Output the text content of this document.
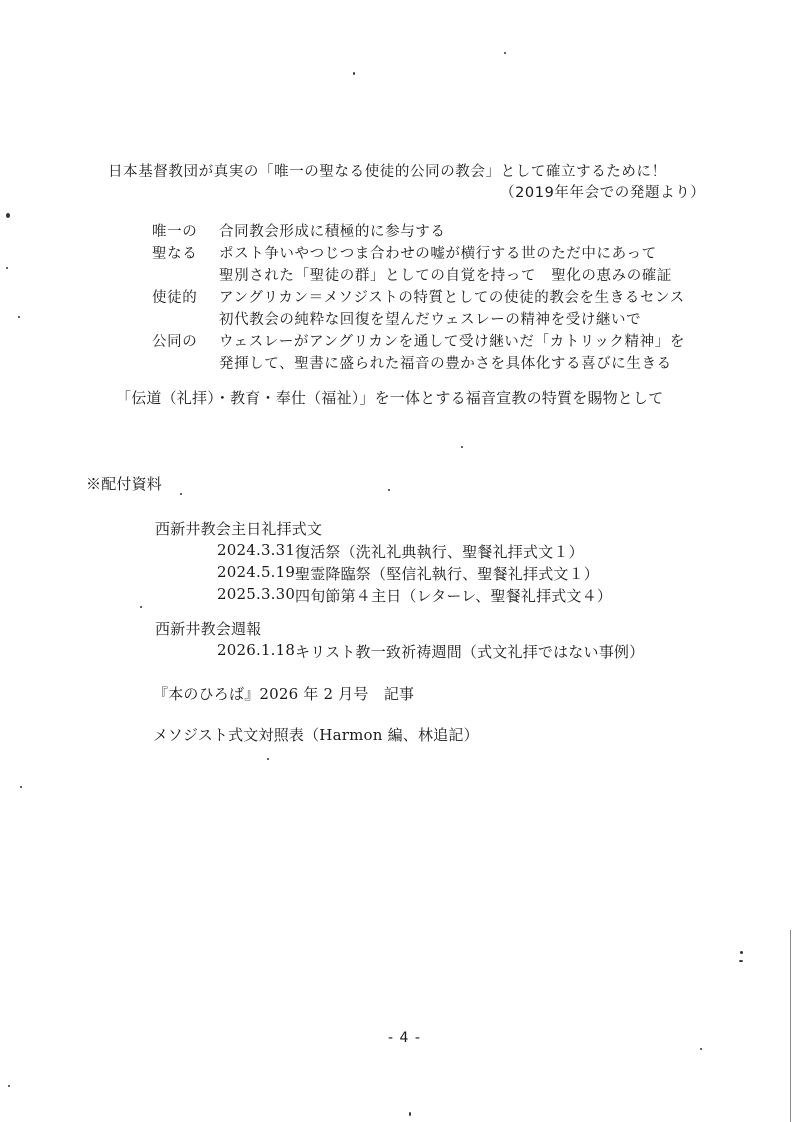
日本基督教団が真実の「唯一の聖なる使徒的公同の教会」として確立するために！
（2019年年会での発題より）
唯一の 合同教会形成に積極的に参与する
聖なる ポスト争いやつじつま合わせの嘘が横行する世のただ中にあって
聖別された「聖徒の群」としての自覚を持って　聖化の恵みの確証
使徒的 アングリカン＝メソジストの特質としての使徒的教会を生きるセンス
初代教会の純粋な回復を望んだウェスレーの精神を受け継いで
公同の ウェスレーがアングリカンを通して受け継いだ「カトリック精神」を
発揮して、聖書に盛られた福音の豊かさを具体化する喜びに生きる
「伝道（礼拝）・教育・奉仕（福祉）」を一体とする福音宣教の特質を賜物として
※配付資料
西新井教会主日礼拝式文
2024.3.31 復活祭（洗礼礼典執行、聖餐礼拝式文１）
2024.5.19 聖霊降臨祭（堅信礼執行、聖餐礼拝式文１）
2025.3.30 四旬節第４主日（レターレ、聖餐礼拝式文４）
西新井教会週報
2026.1.18 キリスト教一致祈祷週間（式文礼拝ではない事例）
『本のひろば』2026 年 2 月号　記事
メソジスト式文対照表（Harmon 編、林追記）
- 4 -
